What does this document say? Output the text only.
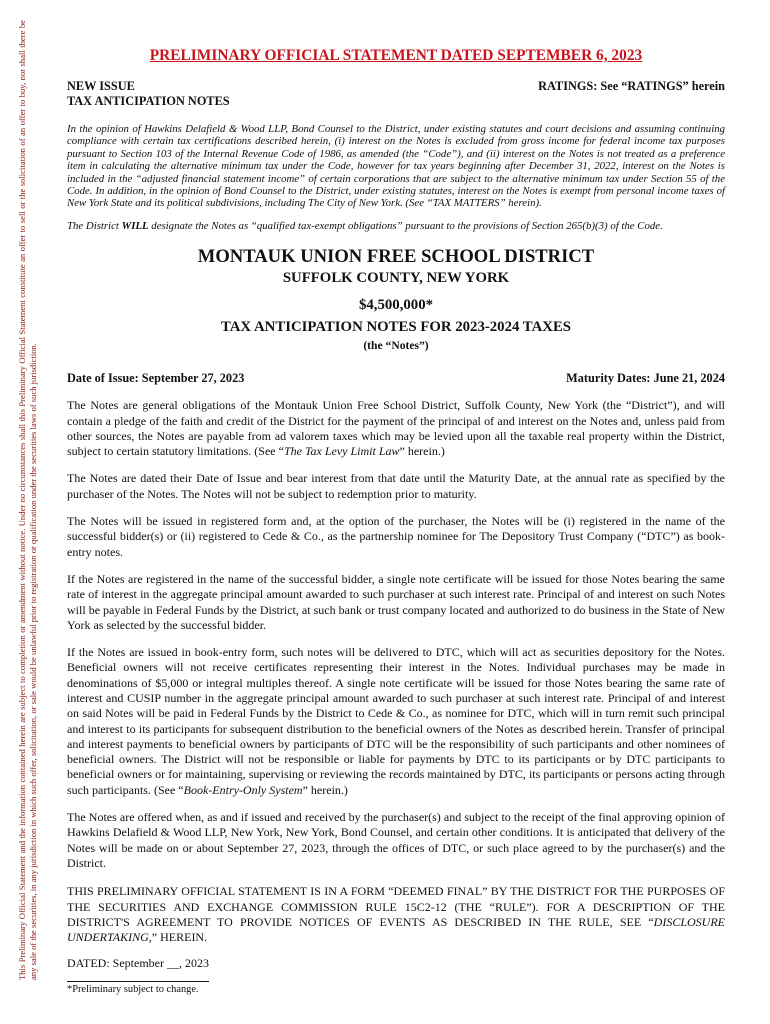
This Preliminary Official Statement and the information contained herein are subject to completion or amendment without notice. Under no circumstances shall this Preliminary Official Statement constitute an offer to sell or the solicitation of an offer to buy, nor shall there be any sale of the securities, in any jurisdiction in which such offer, solicitation, or sale would be unlawful prior to registration or qualification under the securities laws of such jurisdiction.
PRELIMINARY OFFICIAL STATEMENT DATED SEPTEMBER 6, 2023
NEW ISSUE
TAX ANTICIPATION NOTES
RATINGS: See “RATINGS” herein

In the opinion of Hawkins Delafield & Wood LLP, Bond Counsel to the District, under existing statutes and court decisions and assuming continuing compliance with certain tax certifications described herein, (i) interest on the Notes is excluded from gross income for federal income tax purposes pursuant to Section 103 of the Internal Revenue Code of 1986, as amended (the “Code”), and (ii) interest on the Notes is not treated as a preference item in calculating the alternative minimum tax under the Code, however for tax years beginning after December 31, 2022, interest on the Notes is included in the “adjusted financial statement income” of certain corporations that are subject to the alternative minimum tax under Section 55 of the Code. In addition, in the opinion of Bond Counsel to the District, under existing statutes, interest on the Notes is exempt from personal income taxes of New York State and its political subdivisions, including The City of New York. (See “TAX MATTERS” herein).

The District WILL designate the Notes as “qualified tax-exempt obligations” pursuant to the provisions of Section 265(b)(3) of the Code.

MONTAUK UNION FREE SCHOOL DISTRICT
SUFFOLK COUNTY, NEW YORK
$4,500,000*
TAX ANTICIPATION NOTES FOR 2023-2024 TAXES
(the “Notes”)
Date of Issue: September 27, 2023	Maturity Dates: June 21, 2024

The Notes are general obligations of the Montauk Union Free School District, Suffolk County, New York (the “District”), and will contain a pledge of the faith and credit of the District for the payment of the principal of and interest on the Notes and, unless paid from other sources, the Notes are payable from ad valorem taxes which may be levied upon all the taxable real property within the District, subject to certain statutory limitations. (See “The Tax Levy Limit Law” herein.)

The Notes are dated their Date of Issue and bear interest from that date until the Maturity Date, at the annual rate as specified by the purchaser of the Notes. The Notes will not be subject to redemption prior to maturity.

The Notes will be issued in registered form and, at the option of the purchaser, the Notes will be (i) registered in the name of the successful bidder(s) or (ii) registered to Cede & Co., as the partnership nominee for The Depository Trust Company (“DTC”) as book-entry notes.

If the Notes are registered in the name of the successful bidder, a single note certificate will be issued for those Notes bearing the same rate of interest in the aggregate principal amount awarded to such purchaser at such interest rate. Principal of and interest on such Notes will be payable in Federal Funds by the District, at such bank or trust company located and authorized to do business in the State of New York as selected by the successful bidder.

If the Notes are issued in book-entry form, such notes will be delivered to DTC, which will act as securities depository for the Notes. Beneficial owners will not receive certificates representing their interest in the Notes. Individual purchases may be made in denominations of $5,000 or integral multiples thereof. A single note certificate will be issued for those Notes bearing the same rate of interest and CUSIP number in the aggregate principal amount awarded to such purchaser at such interest rate. Principal of and interest on said Notes will be paid in Federal Funds by the District to Cede & Co., as nominee for DTC, which will in turn remit such principal and interest to its participants for subsequent distribution to the beneficial owners of the Notes as described herein. Transfer of principal and interest payments to beneficial owners by participants of DTC will be the responsibility of such participants and other nominees of beneficial owners. The District will not be responsible or liable for payments by DTC to its participants or by DTC participants to beneficial owners or for maintaining, supervising or reviewing the records maintained by DTC, its participants or persons acting through such participants. (See “Book-Entry-Only System” herein.)

The Notes are offered when, as and if issued and received by the purchaser(s) and subject to the receipt of the final approving opinion of Hawkins Delafield & Wood LLP, New York, New York, Bond Counsel, and certain other conditions. It is anticipated that delivery of the Notes will be made on or about September 27, 2023, through the offices of DTC, or such place agreed to by the purchaser(s) and the District.

THIS PRELIMINARY OFFICIAL STATEMENT IS IN A FORM “DEEMED FINAL” BY THE DISTRICT FOR THE PURPOSES OF THE SECURITIES AND EXCHANGE COMMISSION RULE 15C2-12 (THE “RULE”). FOR A DESCRIPTION OF THE DISTRICT'S AGREEMENT TO PROVIDE NOTICES OF EVENTS AS DESCRIBED IN THE RULE, SEE “DISCLOSURE UNDERTAKING,” HEREIN.

DATED: September __, 2023
*Preliminary subject to change.
